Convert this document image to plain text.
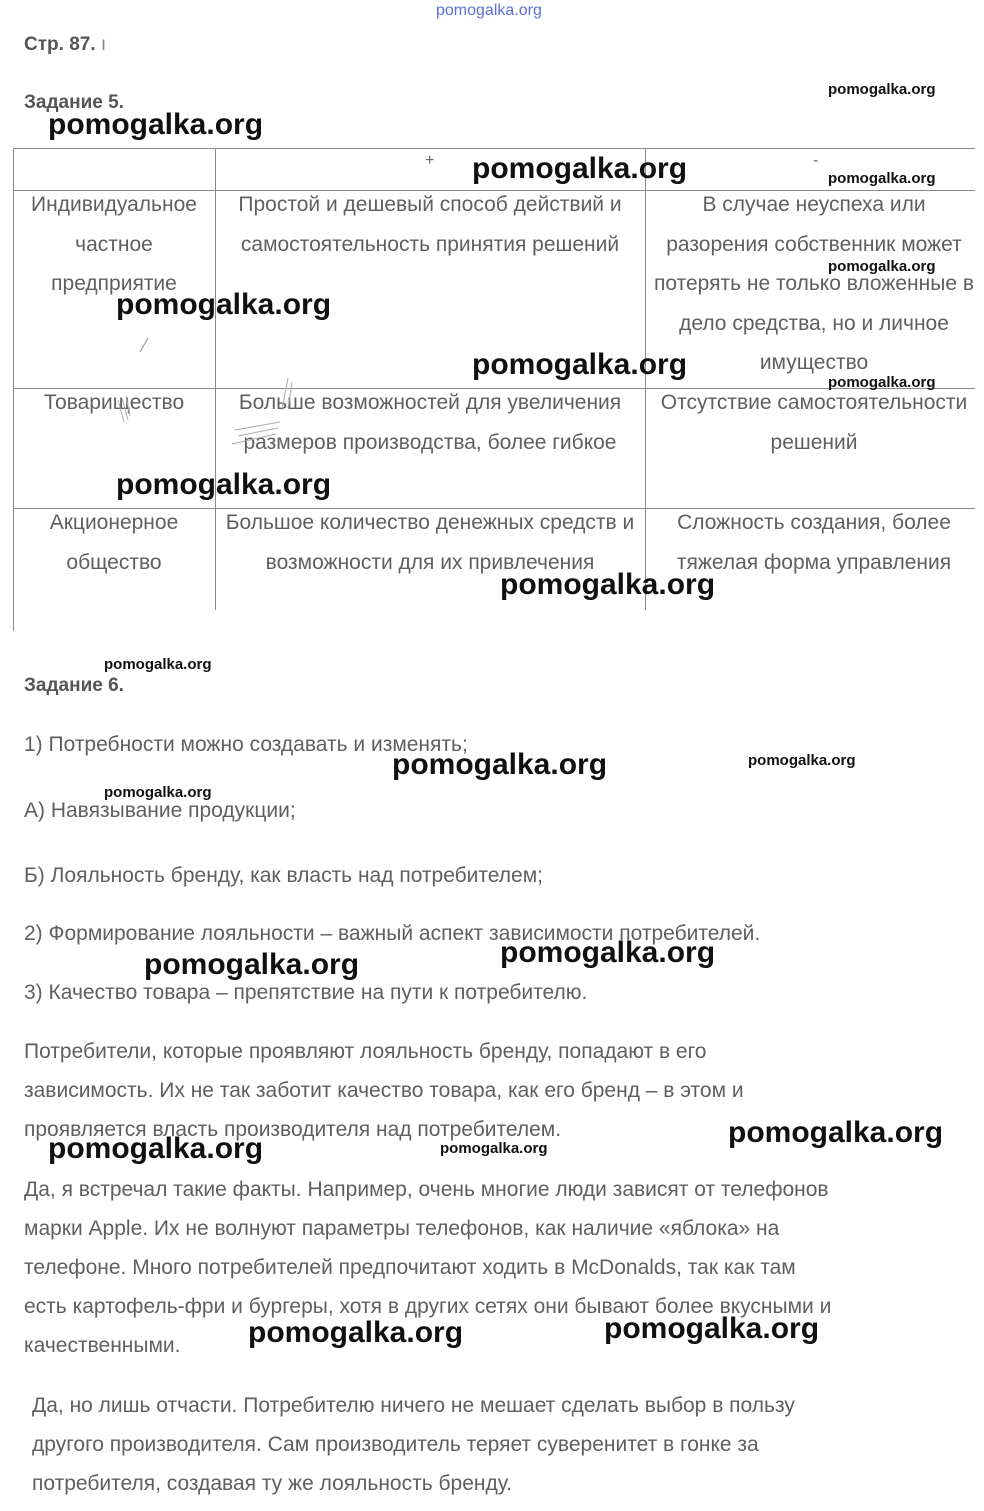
pomogalka.org
Стр. 87. ı
Задание 5.
+	-
Индивидуальное частное предприятие
Простой и дешевый способ действий и самостоятельность принятия решений
В случае неуспеха или разорения собственник может потерять не только вложенные в дело средства, но и личное имущество
Товарищество	Больше возможностей для увеличения размеров производства, более гибкое
Отсутствие самостоятельности решений
Акционерное общество
Большое количество денежных средств и возможности для их привлечения
Сложность создания, более тяжелая форма управления
Задание 6.
1) Потребности можно создавать и изменять;
А) Навязывание продукции;
Б) Лояльность бренду, как власть над потребителем;
2) Формирование лояльности – важный аспект зависимости потребителей.
3) Качество товара – препятствие на пути к потребителю.
Потребители, которые проявляют лояльность бренду, попадают в его
зависимость. Их не так заботит качество товара, как его бренд – в этом и
проявляется власть производителя над потребителем.
Да, я встречал такие факты. Например, очень многие люди зависят от телефонов
марки Apple. Их не волнуют параметры телефонов, как наличие «яблока» на
телефоне. Много потребителей предпочитают ходить в McDonalds, так как там
есть картофель-фри и бургеры, хотя в других сетях они бывают более вкусными и
качественными.
Да, но лишь отчасти. Потребителю ничего не мешает сделать выбор в пользу
другого производителя. Сам производитель теряет суверенитет в гонке за
потребителя, создавая ту же лояльность бренду.
pomogalka.org
pomogalka.org
pomogalka.org
pomogalka.org
pomogalka.org
pomogalka.org
pomogalka.org
pomogalka.org
pomogalka.org
pomogalka.org
pomogalka.org
pomogalka.org
pomogalka.org
pomogalka.org
pomogalka.org
pomogalka.org
pomogalka.org
pomogalka.org
pomogalka.org
pomogalka.org
pomogalka.org
